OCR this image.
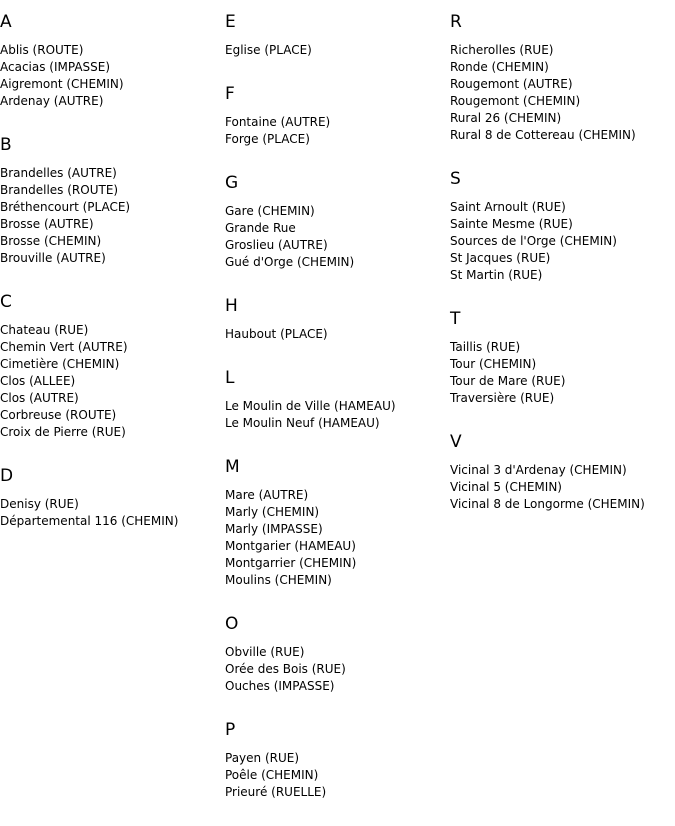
A
Ablis (ROUTE)
Acacias (IMPASSE)
Aigremont (CHEMIN)
Ardenay (AUTRE)
B
Brandelles (AUTRE)
Brandelles (ROUTE)
Bréthencourt (PLACE)
Brosse (AUTRE)
Brosse (CHEMIN)
Brouville (AUTRE)
C
Chateau (RUE)
Chemin Vert (AUTRE)
Cimetière (CHEMIN)
Clos (ALLEE)
Clos (AUTRE)
Corbreuse (ROUTE)
Croix de Pierre (RUE)
D
Denisy (RUE)
Départemental 116 (CHEMIN)
E
Eglise (PLACE)
F
Fontaine (AUTRE)
Forge (PLACE)
G
Gare (CHEMIN)
Grande Rue
Groslieu (AUTRE)
Gué d'Orge (CHEMIN)
H
Haubout (PLACE)
L
Le Moulin de Ville (HAMEAU)
Le Moulin Neuf (HAMEAU)
M
Mare (AUTRE)
Marly (CHEMIN)
Marly (IMPASSE)
Montgarier (HAMEAU)
Montgarrier (CHEMIN)
Moulins (CHEMIN)
O
Obville (RUE)
Orée des Bois (RUE)
Ouches (IMPASSE)
P
Payen (RUE)
Poêle (CHEMIN)
Prieuré (RUELLE)
R
Richerolles (RUE)
Ronde (CHEMIN)
Rougemont (AUTRE)
Rougemont (CHEMIN)
Rural 26 (CHEMIN)
Rural 8 de Cottereau (CHEMIN)
S
Saint Arnoult (RUE)
Sainte Mesme (RUE)
Sources de l'Orge (CHEMIN)
St Jacques (RUE)
St Martin (RUE)
T
Taillis (RUE)
Tour (CHEMIN)
Tour de Mare (RUE)
Traversière (RUE)
V
Vicinal 3 d'Ardenay (CHEMIN)
Vicinal 5 (CHEMIN)
Vicinal 8 de Longorme (CHEMIN)
